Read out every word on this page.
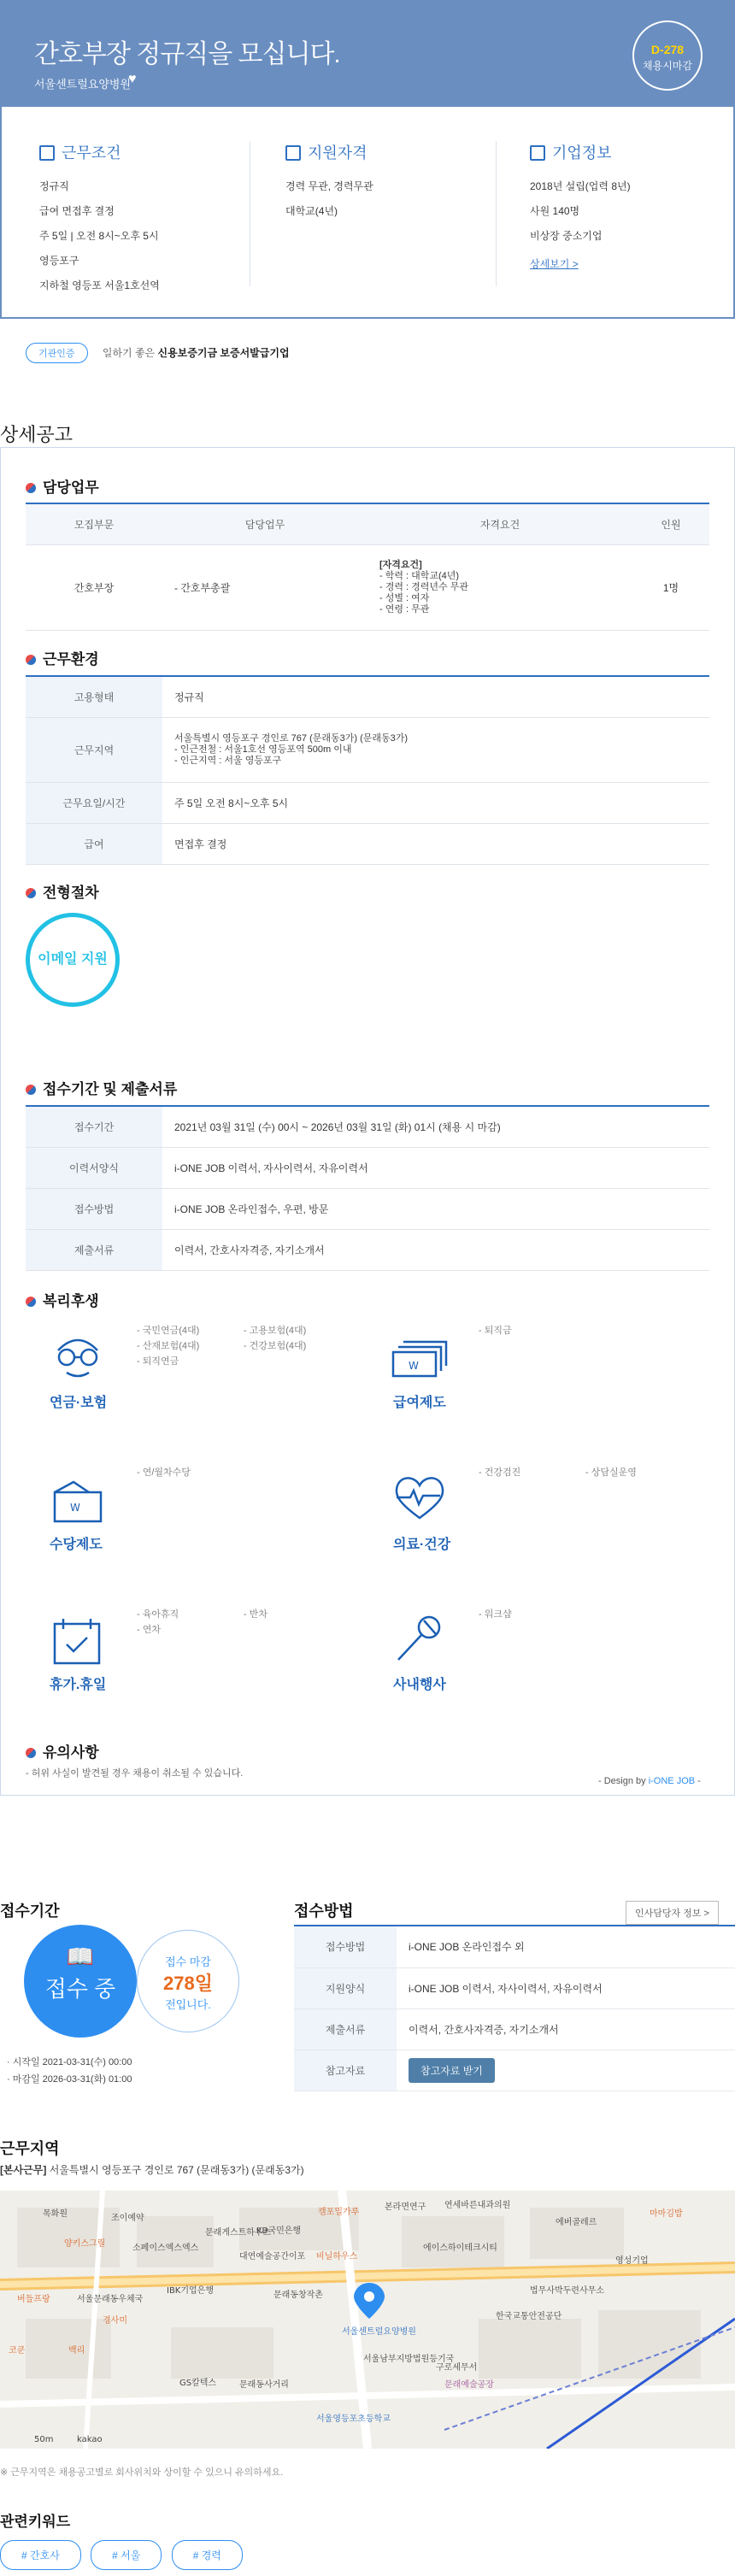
간호부장 정규직을 모십니다.
서울센트럴요양병원
♥
D-278
채용시마감
근무조건

정규직

급여 면접후 결정

주 5일 | 오전 8시~오후 5시

영등포구

지하철 영등포 서울1호선역

지원자격

경력 무관, 경력무관

대학교(4년)

기업정보

2018년 설립(업력 8년)

사원 140명

비상장 중소기업

상세보기 >

기관인증	일하기 좋은 신용보증기금 보증서발급기업
상세공고
담당업무
모집부문	담당업무	자격요건	인원
간호부장	- 간호부총괄	[자격요건]
- 학력 : 대학교(4년)
- 경력 : 경력년수 무관
- 성별 : 여자
- 연령 : 무관	1명
근무환경
고용형태	정규직
근무지역	서울특별시 영등포구 경인로 767 (문래동3가) (문래동3가)
- 인근전철 : 서울1호선 영등포역 500m 이내
- 인근지역 : 서울 영등포구

근무요일/시간	주 5일 오전 8시~오후 5시
급여	면접후 결정
전형절차
이메일 지원
접수기간 및 제출서류
접수기간	2021년 03월 31일 (수) 00시 ~ 2026년 03월 31일 (화) 01시 (채용 시 마감)
이력서양식	i-ONE JOB 이력서, 자사이력서, 자유이력서
접수방법	i-ONE JOB 온라인접수, 우편, 방문
제출서류	이력서, 간호사자격증, 자기소개서
복리후생
연금·보험
- 국민연금(4대)	- 고용보험(4대)
- 산재보험(4대)	- 건강보험(4대)
- 퇴직연금	W
급여제도
- 퇴직금
W
수당제도
- 연/월차수당
의료·건강
- 건강검진	- 상담실운영
휴가.휴일
- 육아휴직	- 반차
- 연차
사내행사
- 워크샵
유의사항
- 허위 사실이 발견될 경우 채용이 취소될 수 있습니다.
- Design by i-ONE JOB -
접수기간
📖
접수 중
접수 마감
278일
전입니다.
· 시작일 2021-03-31(수) 00:00
· 마감일 2026-03-31(화) 01:00
접수방법	인사담당자 정보 >
접수방법	i-ONE JOB 온라인접수 외
지원양식	i-ONE JOB 이력서, 자사이력서, 자유이력서
제출서류	이력서, 간호사자격증, 자기소개서
참고자료	참고자료 받기
근무지역
[본사근무] 서울특별시 영등포구 경인로 767 (문래동3가) (문래동3가)
목화원	조이예약
문래게스트하우스
KB국민은행
캠포밀가루
본라면연구 연세바른내과의원
에버골레르
마마김밥
양키스그릴	소페이스엑스엑스
대연예술공간이포 비닐하우스
에이스하이테크시티
영성기업
버들프랑	서울문래동우체국
IBK기업은행	문래동창작촌	법무사박두련사무소
한국교통안전공단
경사미
코쿤	백리
GS칼텍스	문래동사거리
서울남부지방법원등기국
구로세무서
서울영등포초등학교
문래예술공장
kakao
50m
서울센트럴요양병원
※ 근무지역은 채용공고별로 회사위치와 상이할 수 있으니 유의하세요.
관련키워드
# 간호사	# 서울	# 경력
